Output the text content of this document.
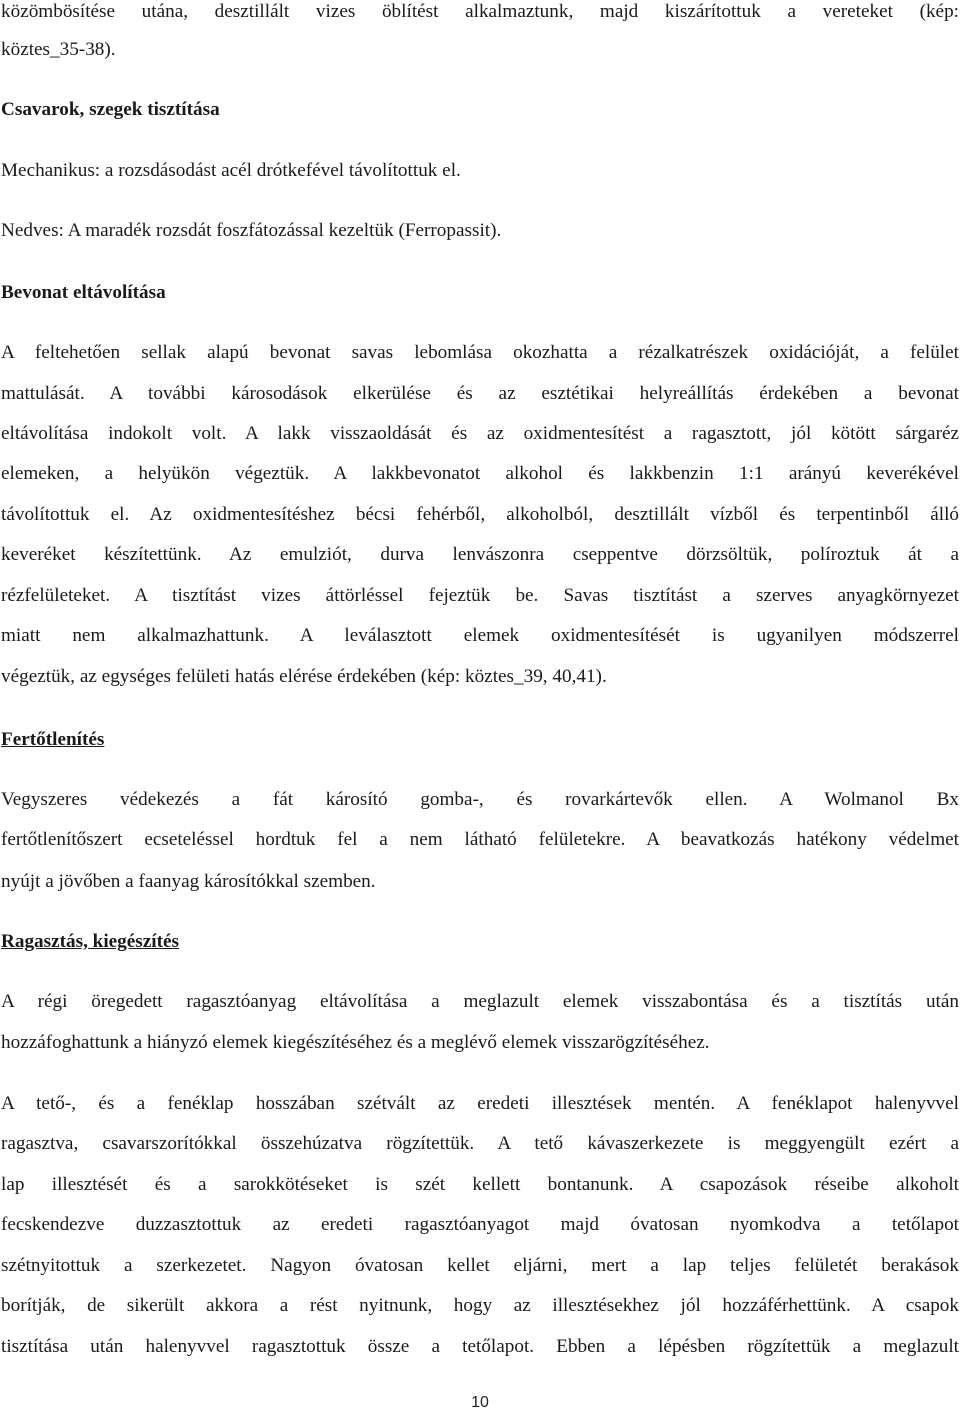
közömbösítése utána, desztillált vizes öblítést alkalmaztunk, majd kiszárítottuk a vereteket (kép:
köztes_35-38).
Csavarok, szegek tisztítása
Mechanikus: a rozsdásodást acél drótkefével távolítottuk el.
Nedves: A maradék rozsdát foszfátozással kezeltük (Ferropassit).
Bevonat eltávolítása
A feltehetően sellak alapú bevonat savas lebomlása okozhatta a rézalkatrészek oxidációját, a felület
mattulását. A további károsodások elkerülése és az esztétikai helyreállítás érdekében a bevonat
eltávolítása indokolt volt. A lakk visszaoldását és az oxidmentesítést a ragasztott, jól kötött sárgaréz
elemeken, a helyükön végeztük. A lakkbevonatot alkohol és lakkbenzin 1:1 arányú keverékével
távolítottuk el. Az oxidmentesítéshez bécsi fehérből, alkoholból, desztillált vízből és terpentinből álló
keveréket készítettünk. Az emulziót, durva lenvászonra cseppentve dörzsöltük, políroztuk át a
rézfelületeket. A tisztítást vizes áttörléssel fejeztük be. Savas tisztítást a szerves anyagkörnyezet
miatt nem alkalmazhattunk. A leválasztott elemek oxidmentesítését is ugyanilyen módszerrel
végeztük, az egységes felületi hatás elérése érdekében (kép: köztes_39, 40,41).
Fertőtlenítés
Vegyszeres védekezés a fát károsító gomba-, és rovarkártevők ellen. A Wolmanol Bx
fertőtlenítőszert ecseteléssel hordtuk fel a nem látható felületekre. A beavatkozás hatékony védelmet
nyújt a jövőben a faanyag károsítókkal szemben.
Ragasztás, kiegészítés
A régi öregedett ragasztóanyag eltávolítása a meglazult elemek visszabontása és a tisztítás után
hozzáfoghattunk a hiányzó elemek kiegészítéséhez és a meglévő elemek visszarögzítéséhez.
A tető-, és a fenéklap hosszában szétvált az eredeti illesztések mentén. A fenéklapot halenyvvel
ragasztva, csavarszorítókkal összehúzatva rögzítettük. A tető kávaszerkezete is meggyengült ezért a
lap illesztését és a sarokkötéseket is szét kellett bontanunk. A csapozások réseibe alkoholt
fecskendezve duzzasztottuk az eredeti ragasztóanyagot majd óvatosan nyomkodva a tetőlapot
szétnyitottuk a szerkezetet. Nagyon óvatosan kellet eljárni, mert a lap teljes felületét berakások
borítják, de sikerült akkora a rést nyitnunk, hogy az illesztésekhez jól hozzáférhettünk. A csapok
tisztítása után halenyvvel ragasztottuk össze a tetőlapot. Ebben a lépésben rögzítettük a meglazult
10
